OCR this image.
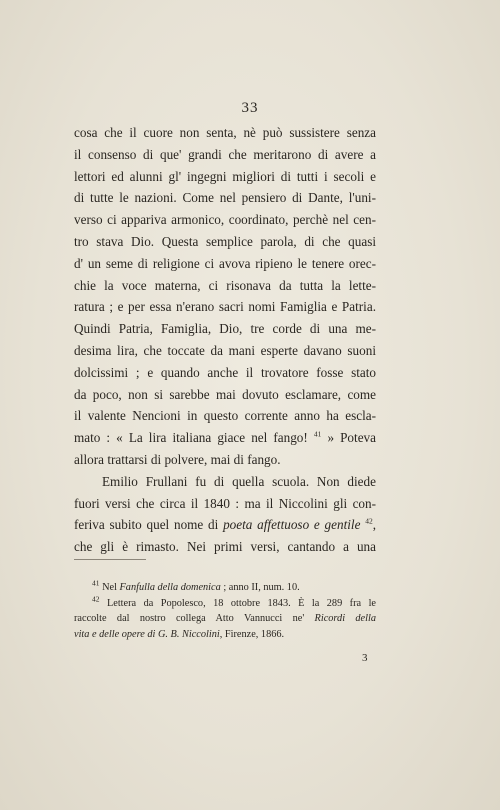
33
cosa che il cuore non senta, nè può sussistere senza
il consenso di que' grandi che meritarono di avere a
lettori ed alunni gl' ingegni migliori di tutti i secoli e
di tutte le nazioni. Come nel pensiero di Dante, l'uni-
verso ci appariva armonico, coordinato, perchè nel cen-
tro stava Dio. Questa semplice parola, di che quasi
d' un seme di religione ci avova ripieno le tenere orec-
chie la voce materna, ci risonava da tutta la lette-
ratura ; e per essa n'erano sacri nomi Famiglia e Patria.
Quindi Patria, Famiglia, Dio, tre corde di una me-
desima lira, che toccate da mani esperte davano suoni
dolcissimi ; e quando anche il trovatore fosse stato
da poco, non si sarebbe mai dovuto esclamare, come
il valente Nencioni in questo corrente anno ha escla-
mato : « La lira italiana giace nel fango! $^{41}$ » Poteva
allora trattarsi di polvere, mai di fango.
Emilio Frullani fu di quella scuola. Non diede
fuori versi che circa il 1840 : ma il Niccolini gli con-
feriva subito quel nome di poeta affettuoso e gentile $^{42}$,
che gli è rimasto. Nei primi versi, cantando a una
$^{41}$ Nel Fanfulla della domenica ; anno II, num. 10.
$^{42}$ Lettera da Popolesco, 18 ottobre 1843. È la 289 fra le
raccolte dal nostro collega Atto Vannucci ne' Ricordi della
vita e delle opere di G. B. Niccolini, Firenze, 1866.
3
